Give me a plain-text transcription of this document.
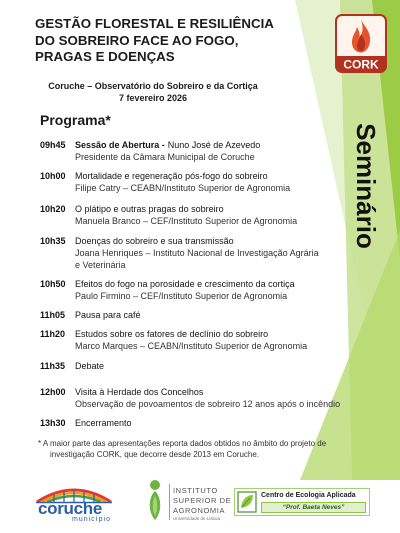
GESTÃO FLORESTAL E RESILIÊNCIA
DO SOBREIRO FACE AO FOGO,
PRAGAS E DOENÇAS
CORK
Coruche – Observatório do Sobreiro e da Cortiça
7 fevereiro 2026
Seminário
Programa*
09h45 Sessão de Abertura - Nuno José de Azevedo
Presidente da Câmara Municipal de Coruche
10h00 Mortalidade e regeneração pós-fogo do sobreiro
Filipe Catry – CEABN/Instituto Superior de Agronomia
10h20 O plátipo e outras pragas do sobreiro
Manuela Branco – CEF/Instituto Superior de Agronomia
10h35 Doenças do sobreiro e sua transmissão
Joana Henriques – Instituto Nacional de Investigação Agrária
e Veterinária
10h50 Efeitos do fogo na porosidade e crescimento da cortiça
Paulo Firmino – CEF/Instituto Superior de Agronomia
11h05 Pausa para café
11h20 Estudos sobre os fatores de declínio do sobreiro
Marco Marques – CEABN/Instituto Superior de Agronomia
11h35 Debate
12h00 Visita à Herdade dos Concelhos
Observação de povoamentos de sobreiro 12 anos após o incêndio
13h30 Encerramento
* A maior parte das apresentações reporta dados obtidos no âmbito do projeto de
investigação CORK, que decorre desde 2013 em Coruche.
coruche
município
INSTITUTO
SUPERIOR DE
AGRONOMIA
Universidade de Lisboa
Centro de Ecologia Aplicada
“Prof. Baeta Neves”
